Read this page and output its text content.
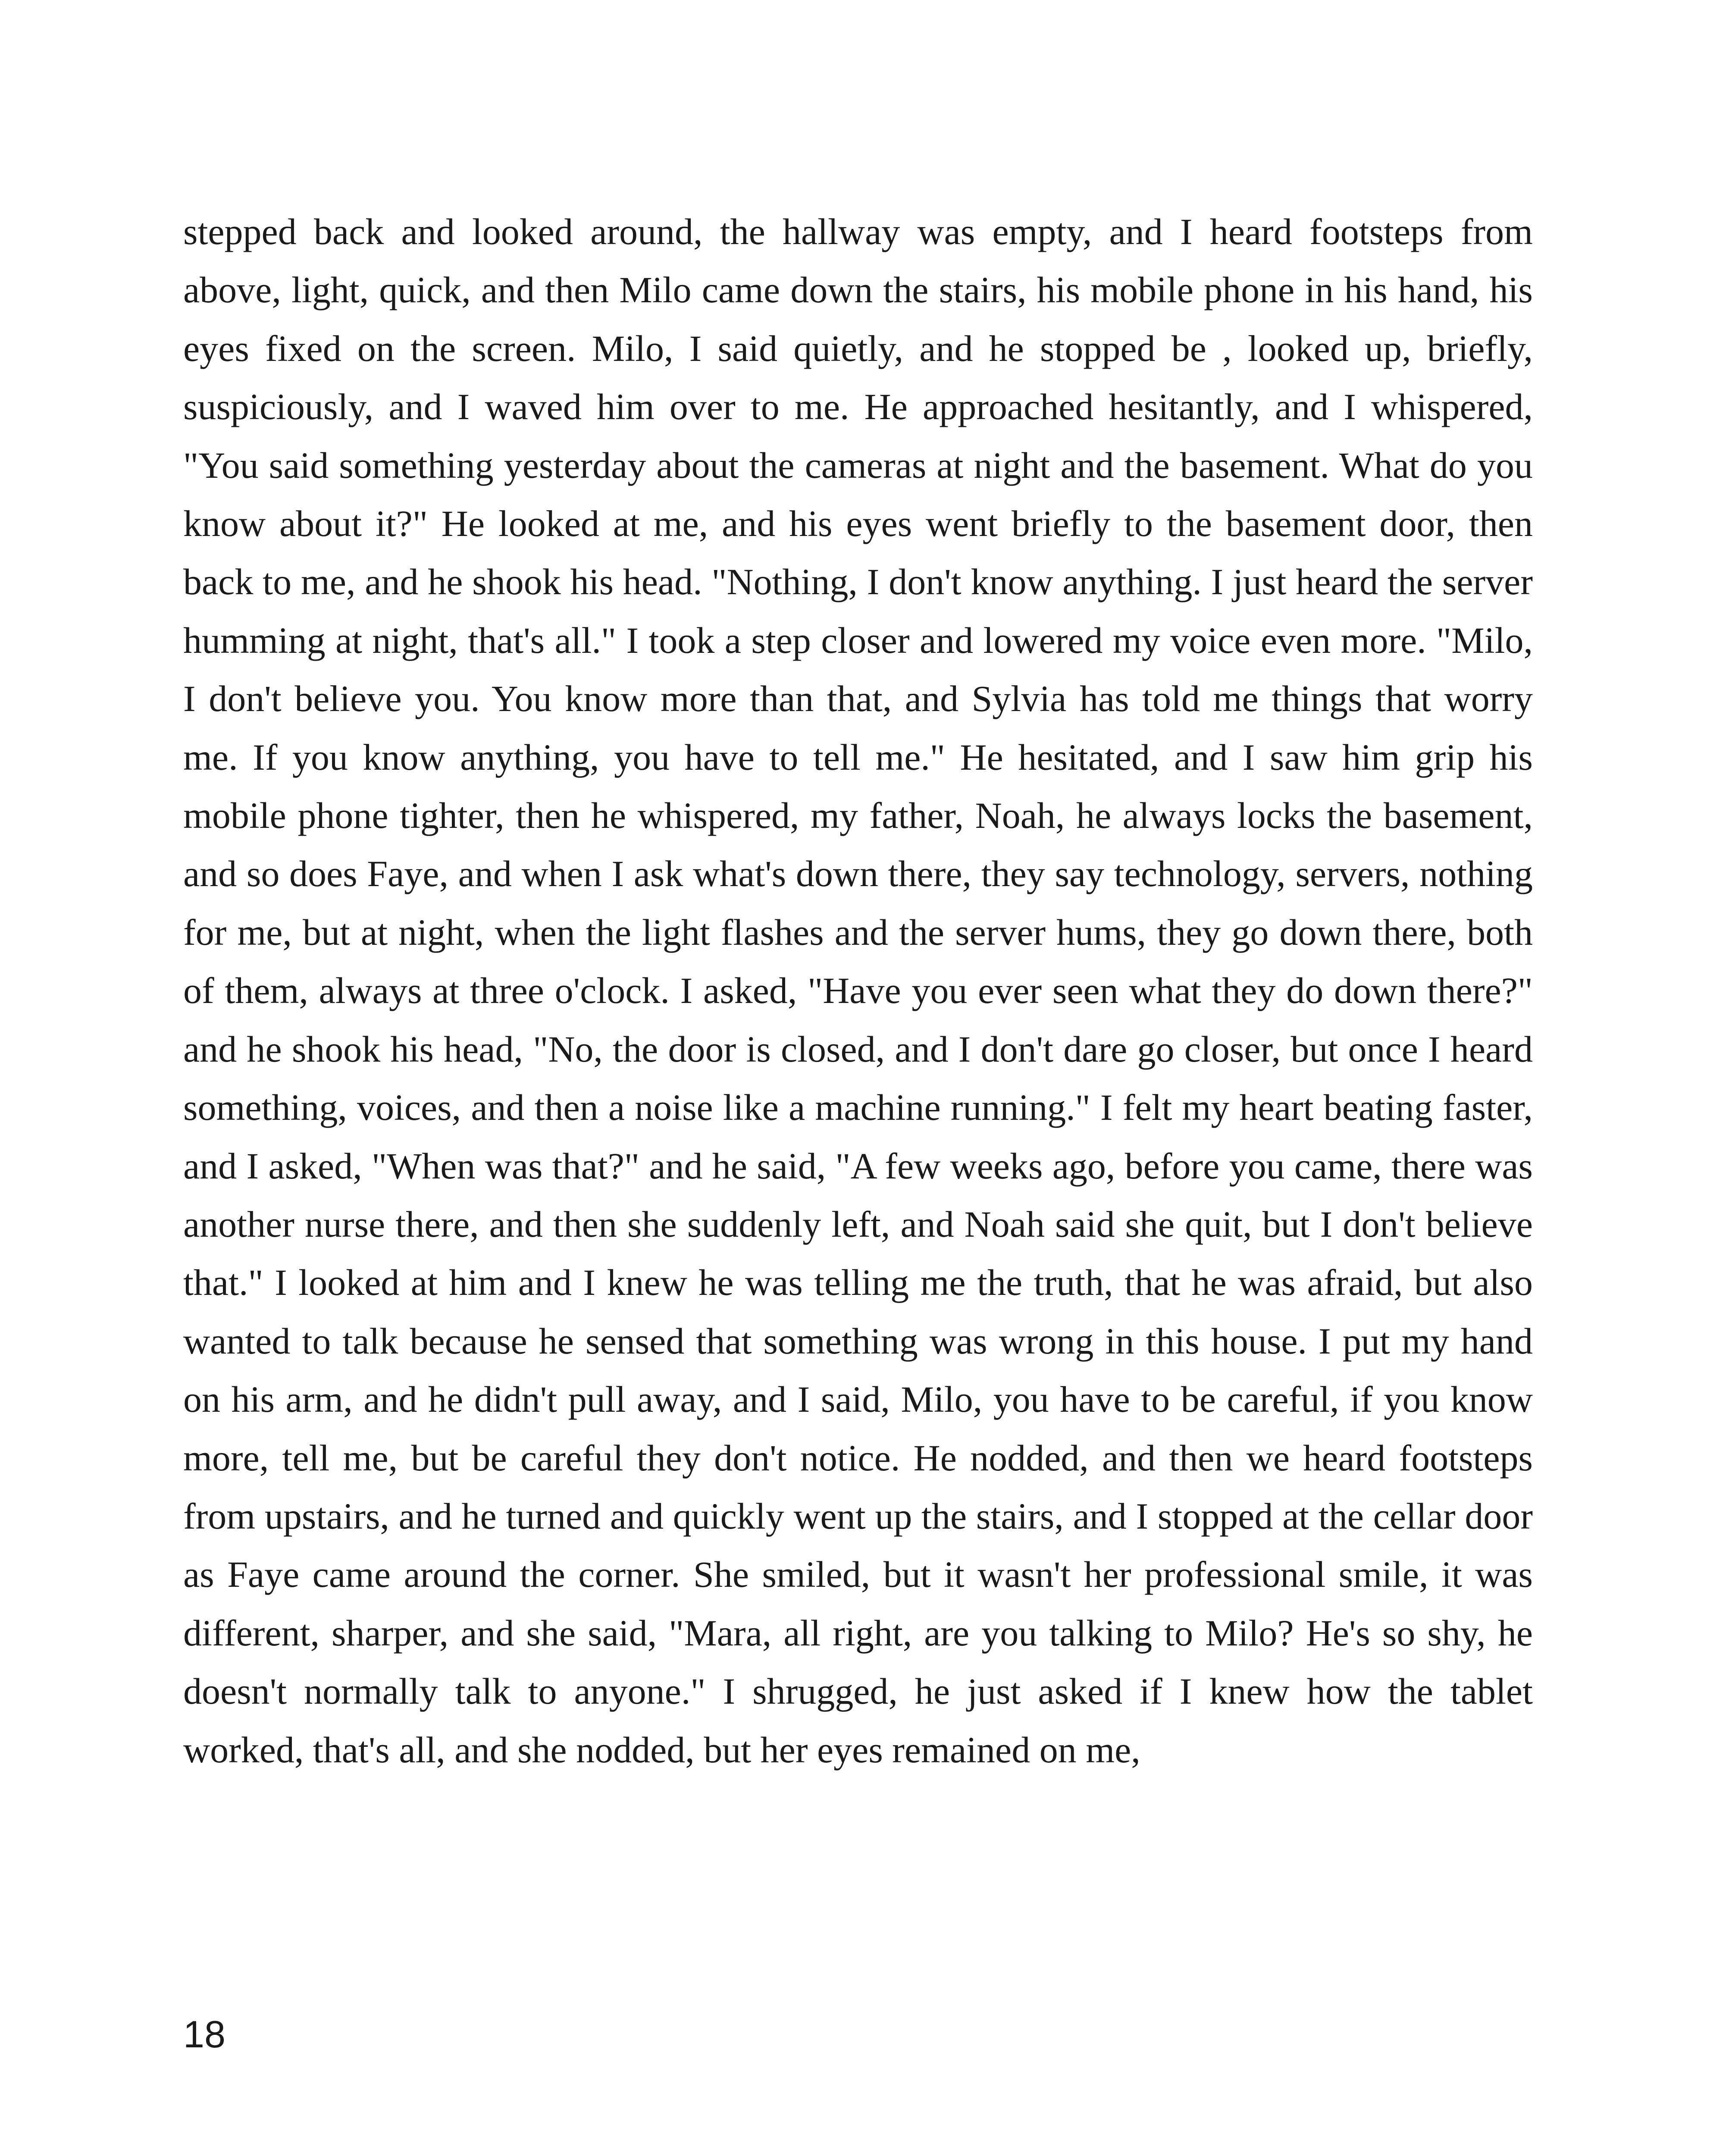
stepped back and looked around, the hallway was empty, and I heard footsteps from above, light, quick, and then Milo came down the stairs, his mobile phone in his hand, his eyes fixed on the screen. Milo, I said quietly, and he stopped be , looked up, briefly, suspiciously, and I waved him over to me. He approached hesitantly, and I whispered, "You said something yesterday about the cameras at night and the basement. What do you know about it?" He looked at me, and his eyes went briefly to the basement door, then back to me, and he shook his head. "Nothing, I don't know anything. I just heard the server humming at night, that's all." I took a step closer and lowered my voice even more. "Milo, I don't believe you. You know more than that, and Sylvia has told me things that worry me. If you know anything, you have to tell me." He hesitated, and I saw him grip his mobile phone tighter, then he whispered, my father, Noah, he always locks the basement, and so does Faye, and when I ask what's down there, they say technology, servers, nothing for me, but at night, when the light flashes and the server hums, they go down there, both of them, always at three o'clock. I asked, "Have you ever seen what they do down there?" and he shook his head, "No, the door is closed, and I don't dare go closer, but once I heard something, voices, and then a noise like a machine running." I felt my heart beating faster, and I asked, "When was that?" and he said, "A few weeks ago, before you came, there was another nurse there, and then she suddenly left, and Noah said she quit, but I don't believe that." I looked at him and I knew he was telling me the truth, that he was afraid, but also wanted to talk because he sensed that something was wrong in this house. I put my hand on his arm, and he didn't pull away, and I said, Milo, you have to be careful, if you know more, tell me, but be careful they don't notice. He nodded, and then we heard footsteps from upstairs, and he turned and quickly went up the stairs, and I stopped at the cellar door as Faye came around the corner. She smiled, but it wasn't her professional smile, it was different, sharper, and she said, "Mara, all right, are you talking to Milo? He's so shy, he doesn't normally talk to anyone." I shrugged, he just asked if I knew how the tablet worked, that's all, and she nodded, but her eyes remained on me,

18
